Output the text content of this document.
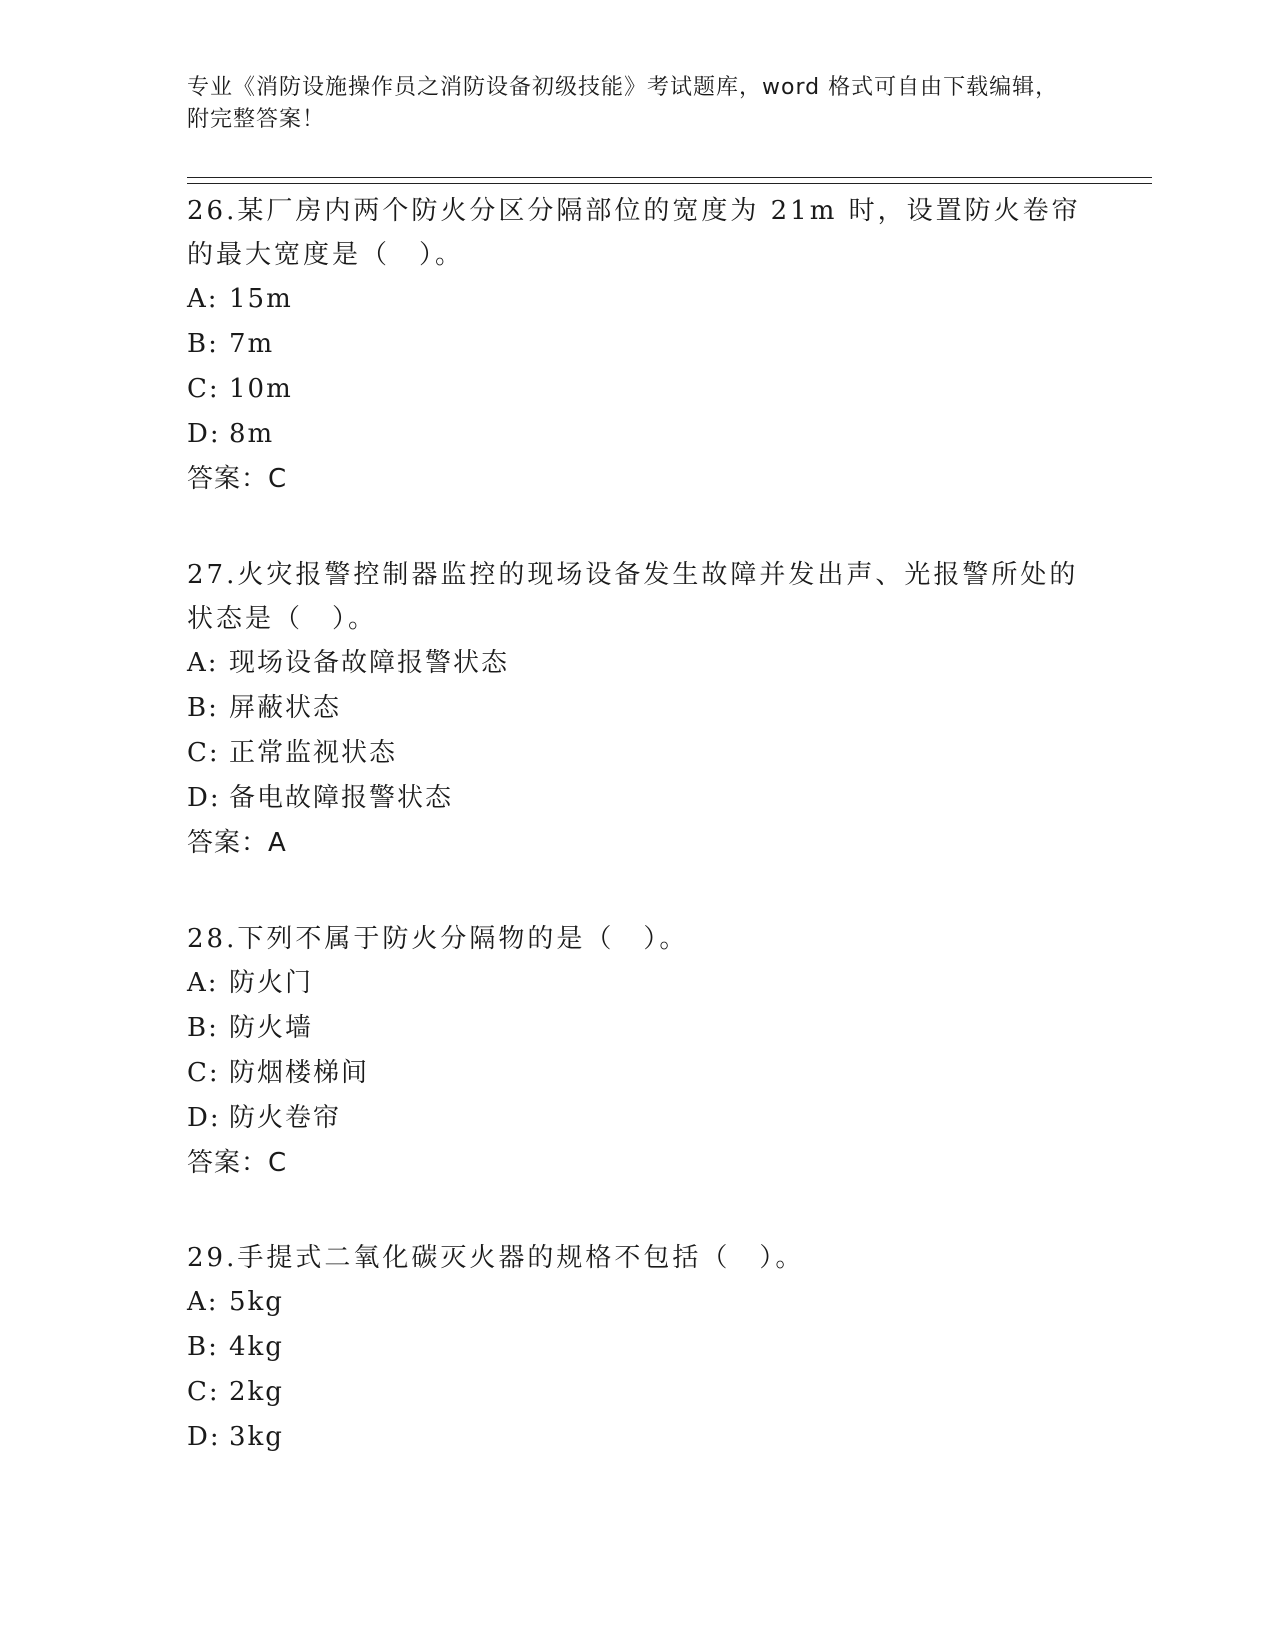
专业《消防设施操作员之消防设备初级技能》考试题库，word 格式可自由下载编辑，附完整答案！

26.某厂房内两个防火分区分隔部位的宽度为 21m 时，设置防火卷帘的最大宽度是（　）。

A: 15m

B: 7m

C: 10m

D: 8m

答案：C

27.火灾报警控制器监控的现场设备发生故障并发出声、光报警所处的状态是（　）。

A: 现场设备故障报警状态

B: 屏蔽状态

C: 正常监视状态

D: 备电故障报警状态

答案：A

28.下列不属于防火分隔物的是（　）。

A: 防火门

B: 防火墙

C: 防烟楼梯间

D: 防火卷帘

答案：C

29.手提式二氧化碳灭火器的规格不包括（　）。

A: 5kg

B: 4kg

C: 2kg

D: 3kg
